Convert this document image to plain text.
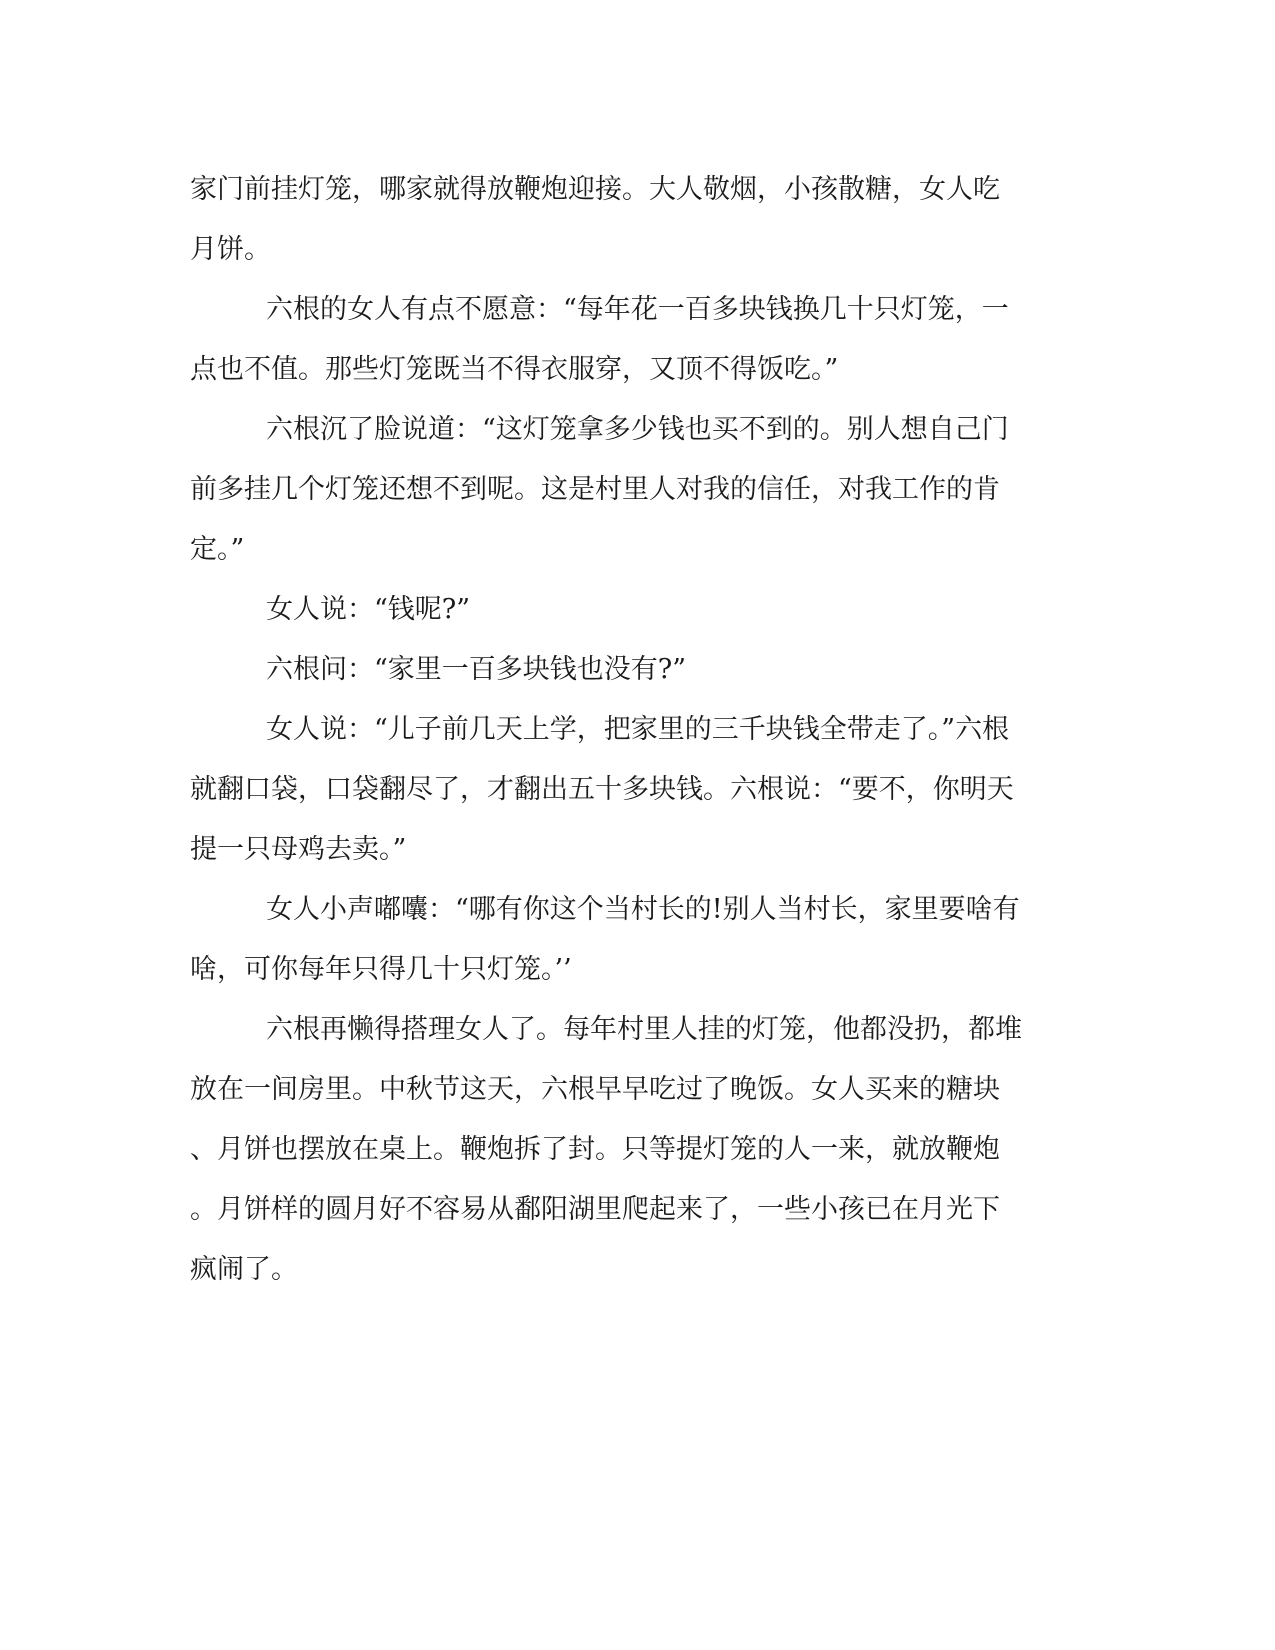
家门前挂灯笼，哪家就得放鞭炮迎接。大人敬烟，小孩散糖，女人吃

月饼。

六根的女人有点不愿意：“每年花一百多块钱换几十只灯笼，一

点也不值。那些灯笼既当不得衣服穿，又顶不得饭吃。”

六根沉了脸说道：“这灯笼拿多少钱也买不到的。别人想自己门

前多挂几个灯笼还想不到呢。这是村里人对我的信任，对我工作的肯

定。”

女人说：“钱呢?”

六根问：“家里一百多块钱也没有?”

女人说：“儿子前几天上学，把家里的三千块钱全带走了。”六根

就翻口袋，口袋翻尽了，才翻出五十多块钱。六根说：“要不，你明天

提一只母鸡去卖。”

女人小声嘟囔：“哪有你这个当村长的!别人当村长，家里要啥有

啥，可你每年只得几十只灯笼。’’

六根再懒得搭理女人了。每年村里人挂的灯笼，他都没扔，都堆

放在一间房里。中秋节这天，六根早早吃过了晚饭。女人买来的糖块

、月饼也摆放在桌上。鞭炮拆了封。只等提灯笼的人一来，就放鞭炮

。月饼样的圆月好不容易从鄱阳湖里爬起来了，一些小孩已在月光下

疯闹了。
